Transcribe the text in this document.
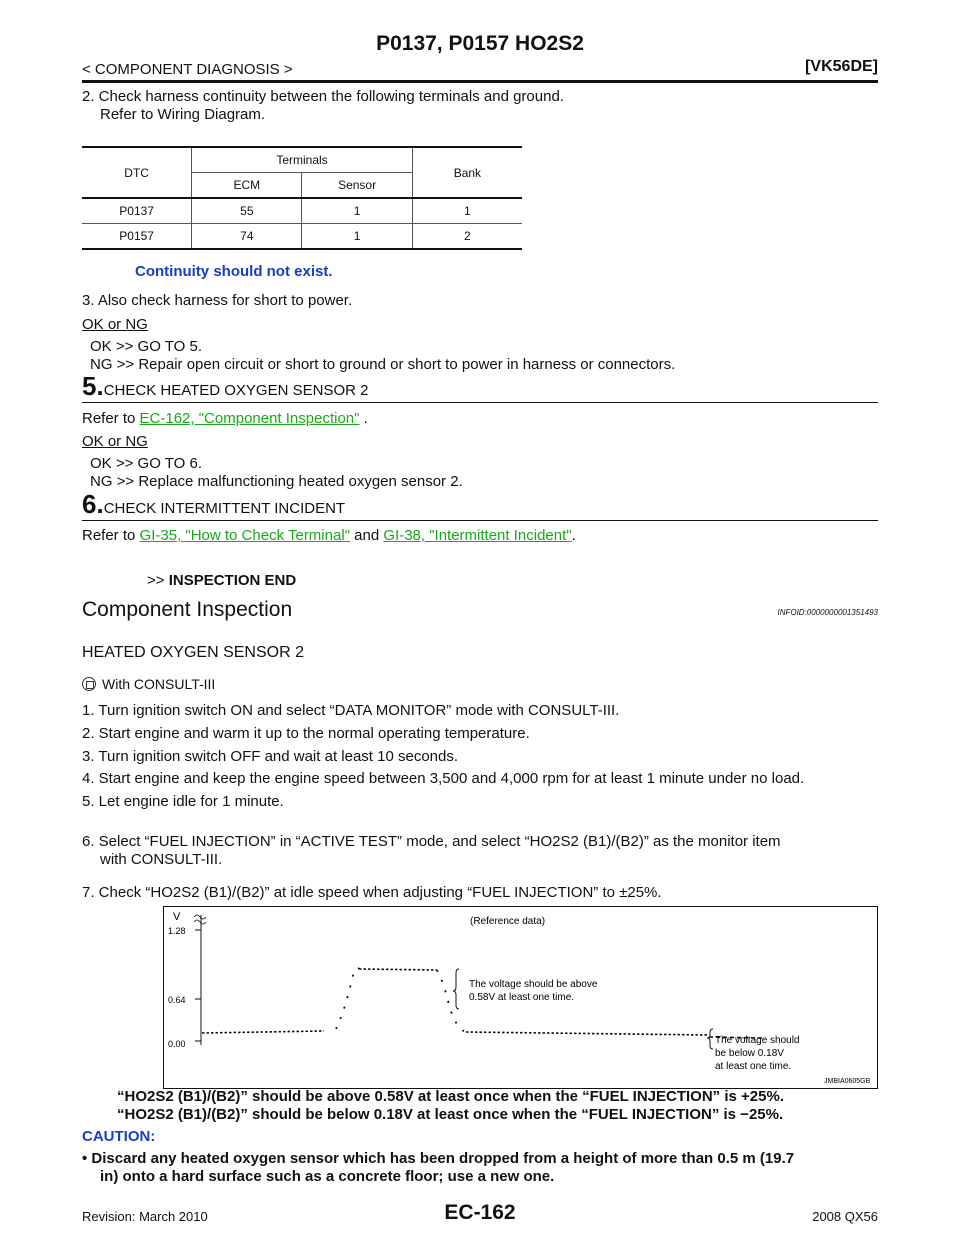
P0137, P0157 HO2S2
< COMPONENT DIAGNOSIS >	[VK56DE]
2. Check harness continuity between the following terminals and ground.
Refer to Wiring Diagram.
DTC	Terminals		Bank
	ECM	Sensor	
P0137	55	1	1
P0157	74	1	2
Continuity should not exist.
3. Also check harness for short to power.
OK or NG
OK >> GO TO 5.
NG >> Repair open circuit or short to ground or short to power in harness or connectors.
5.CHECK HEATED OXYGEN SENSOR 2
Refer to EC-162, "Component Inspection" .
OK or NG
OK >> GO TO 6.
NG >> Replace malfunctioning heated oxygen sensor 2.
6.CHECK INTERMITTENT INCIDENT
Refer to GI-35, "How to Check Terminal" and GI-38, "Intermittent Incident".
>> INSPECTION END
Component Inspection	INFOID:0000000001351493
HEATED OXYGEN SENSOR 2
With CONSULT-III
1. Turn ignition switch ON and select “DATA MONITOR” mode with CONSULT-III.
2. Start engine and warm it up to the normal operating temperature.
3. Turn ignition switch OFF and wait at least 10 seconds.
4. Start engine and keep the engine speed between 3,500 and 4,000 rpm for at least 1 minute under no load.
5. Let engine idle for 1 minute.
6. Select “FUEL INJECTION” in “ACTIVE TEST” mode, and select “HO2S2 (B1)/(B2)” as the monitor item
with CONSULT-III.
7. Check “HO2S2 (B1)/(B2)” at idle speed when adjusting “FUEL INJECTION” to ±25%.
V
1.28
0.64
0.00
(Reference data)
The voltage should be above
0.58V at least one time.
The voltage should
be below 0.18V
at least one time.
JMBIA0605GB
“HO2S2 (B1)/(B2)” should be above 0.58V at least once when the “FUEL INJECTION” is +25%.
“HO2S2 (B1)/(B2)” should be below 0.18V at least once when the “FUEL INJECTION” is −25%.
CAUTION:
• Discard any heated oxygen sensor which has been dropped from a height of more than 0.5 m (19.7
in) onto a hard surface such as a concrete floor; use a new one.
Revision: March 2010	EC-162	2008 QX56
